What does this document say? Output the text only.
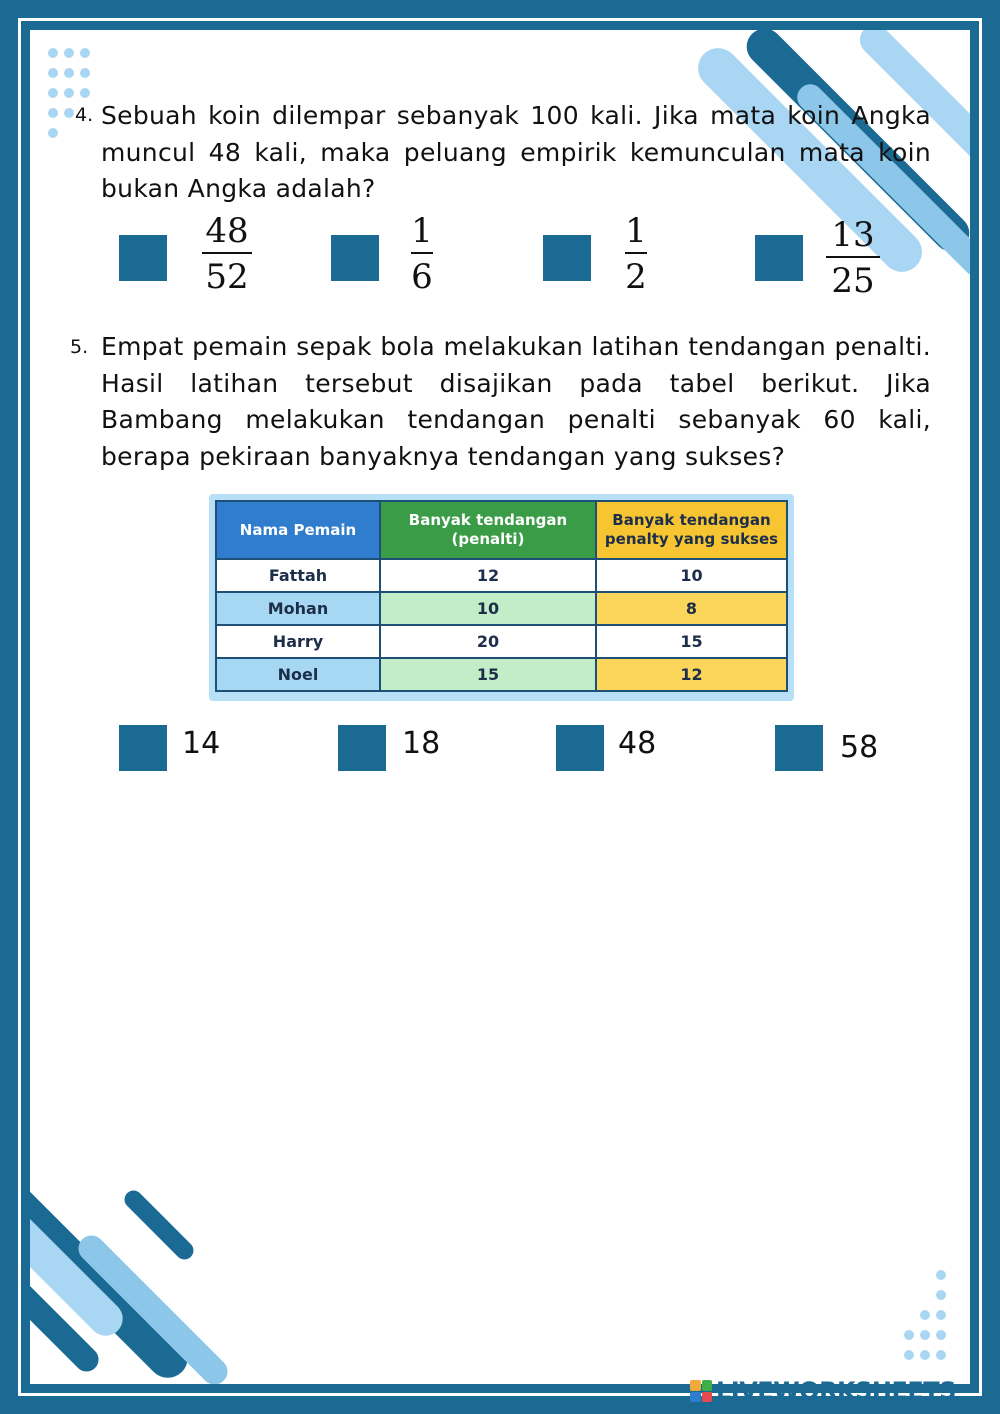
4. Sebuah koin dilempar sebanyak 100 kali. Jika mata koin Angka muncul 48 kali, maka peluang empirik kemunculan mata koin bukan Angka adalah?
48
52
1
6
1
2
13
25
5. Empat pemain sepak bola melakukan latihan tendangan penalti. Hasil latihan tersebut disajikan pada tabel berikut. Jika Bambang melakukan tendangan penalti sebanyak 60 kali, berapa pekiraan banyaknya tendangan yang sukses?
Nama Pemain	Banyak tendangan (penalti)	Banyak tendangan penalty yang sukses
Fattah	12	10
Mohan	10	8
Harry	20	15
Noel	15	12
14	18	48	58
LIVEWORKSHEETS
